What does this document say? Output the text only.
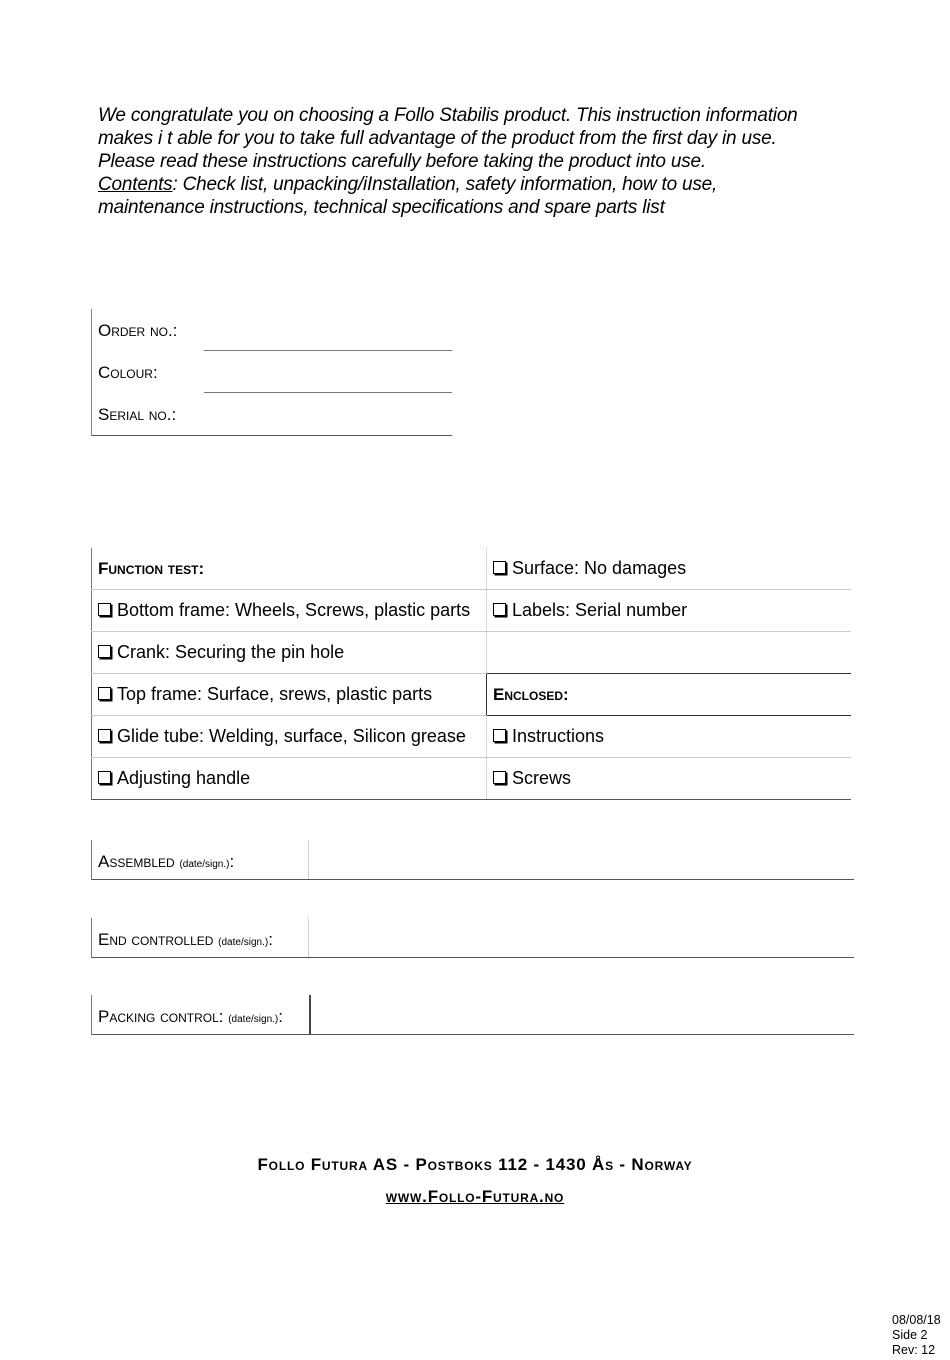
We congratulate you on choosing a Follo Stabilis product. This instruction information

makes i t able for you to take full advantage of the product from the first day in use.

Please read these instructions carefully before taking the product into use.

Contents: Check list, unpacking/iInstallation, safety information, how to use,

maintenance instructions, technical specifications and spare parts list

Order no.:
Colour:
Serial no.:
Function test:	Surface: No damages
Bottom frame: Wheels, Screws, plastic parts	Labels: Serial number
Crank: Securing the pin hole	
Top frame: Surface, srews, plastic parts	Enclosed:
Glide tube: Welding, surface, Silicon grease	Instructions
Adjusting handle	Screws
Assembled (date/sign.):
End controlled (date/sign.):
Packing control: (date/sign.):
Follo Futura AS - Postboks 112 - 1430 Ås - Norway
www.Follo-Futura.no
08/08/18
Side 2
Rev: 12
